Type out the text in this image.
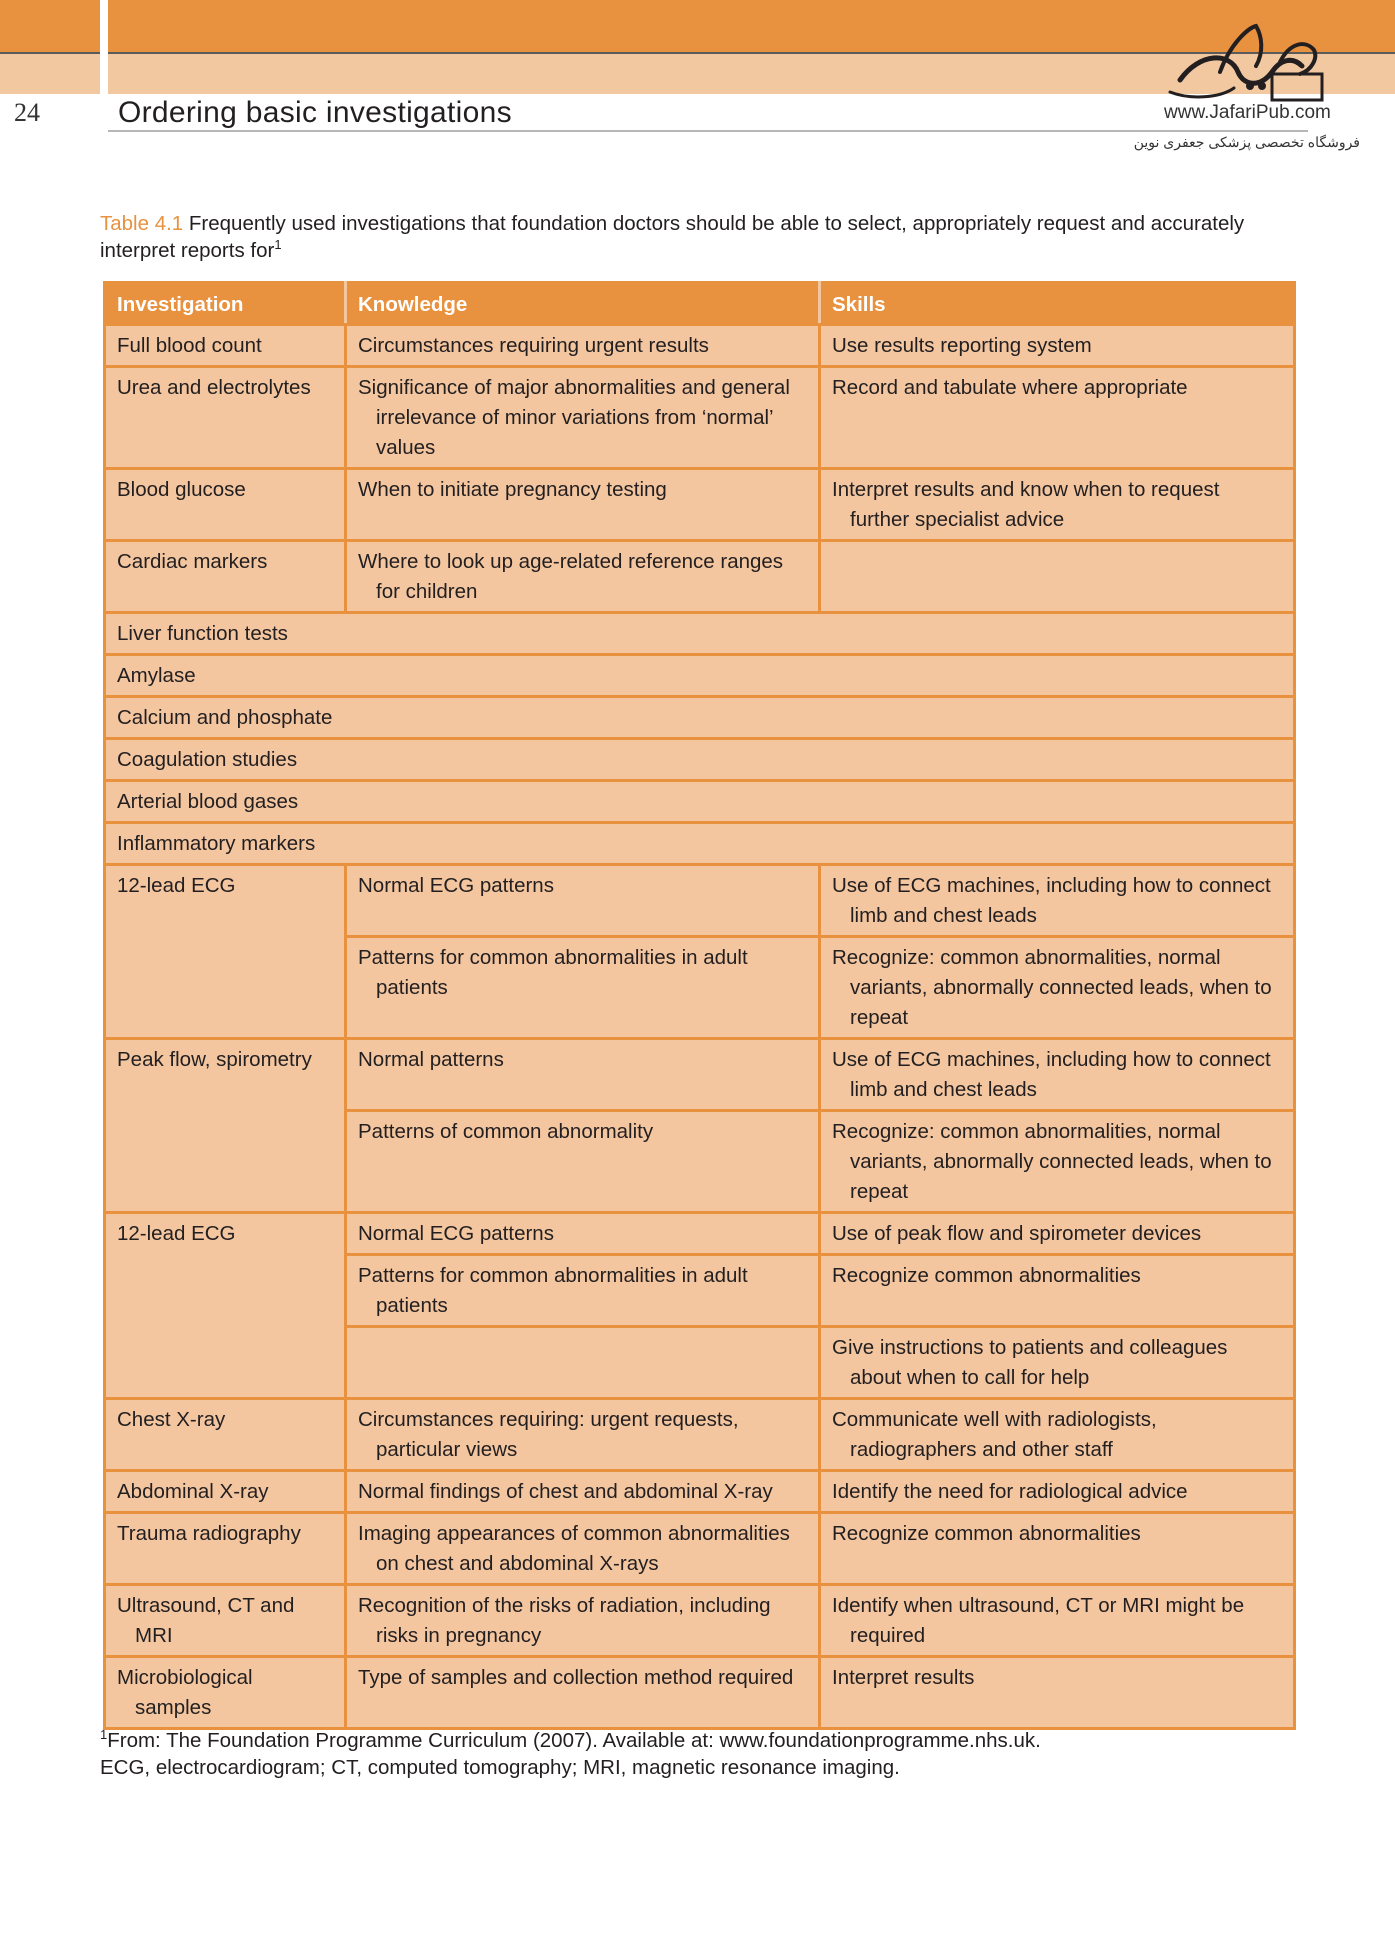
24	Ordering basic investigations	www.JafariPub.com
فروشگاه تخصصی پزشکی جعفری نوین
Table 4.1 Frequently used investigations that foundation doctors should be able to select, appropriately request and accurately interpret reports for$^1$
Investigation	Knowledge	Skills

Full blood count	Circumstances requiring urgent results	Use results reporting system

Urea and electrolytes	Significance of major abnormalities and general irrelevance of minor variations from ‘normal’ values	Record and tabulate where appropriate

Blood glucose	When to initiate pregnancy testing	Interpret results and know when to request further specialist advice

Cardiac markers	Where to look up age-related reference ranges for children	

Liver function tests		
Amylase		
Calcium and phosphate		
Coagulation studies		
Arterial blood gases		
Inflammatory markers		

12-lead ECG	Normal ECG patterns	Use of ECG machines, including how to connect limb and chest leads

	Patterns for common abnormalities in adult patients	Recognize: common abnormalities, normal variants, abnormally connected leads, when to repeat

Peak flow, spirometry	Normal patterns	Use of ECG machines, including how to connect limb and chest leads

	Patterns of common abnormality	Recognize: common abnormalities, normal variants, abnormally connected leads, when to repeat

12-lead ECG	Normal ECG patterns	Use of peak flow and spirometer devices

	Patterns for common abnormalities in adult patients	Recognize common abnormalities

		Give instructions to patients and colleagues about when to call for help

Chest X-ray	Circumstances requiring: urgent requests, particular views	Communicate well with radiologists, radiographers and other staff

Abdominal X-ray	Normal findings of chest and abdominal X-ray	Identify the need for radiological advice

Trauma radiography	Imaging appearances of common abnormalities on chest and abdominal X-rays	Recognize common abnormalities

Ultrasound, CT and MRI	Recognition of the risks of radiation, including risks in pregnancy	Identify when ultrasound, CT or MRI might be required

Microbiological samples	Type of samples and collection method required	Interpret results
$^1$From: The Foundation Programme Curriculum (2007). Available at: www.foundationprogramme.nhs.uk.
ECG, electrocardiogram; CT, computed tomography; MRI, magnetic resonance imaging.
